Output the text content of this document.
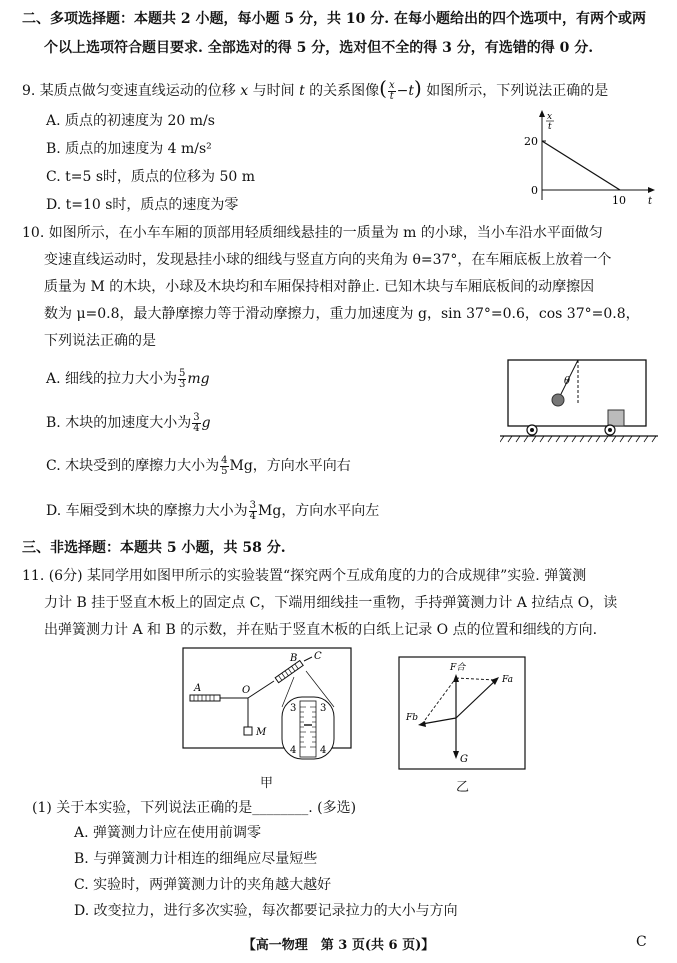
二、多项选择题：本题共 2 小题，每小题 5 分，共 10 分. 在每小题给出的四个选项中，有两个或两
个以上选项符合题目要求. 全部选对的得 5 分，选对但不全的得 3 分，有选错的得 0 分.
9. 某质点做匀变速直线运动的位移 x 与时间 t 的关系图像( $\frac{x}{t} -t$) 如图所示，下列说法正确的是
A. 质点的初速度为 20 m/s
B. 质点的加速度为 4 m/s²
C. t=5 s时，质点的位移为 50 m
D. t=10 s时，质点的速度为零
x
t
20
10
0
t
10. 如图所示，在小车车厢的顶部用轻质细线悬挂的一质量为 m 的小球，当小车沿水平面做匀
变速直线运动时，发现悬挂小球的细线与竖直方向的夹角为 θ=37°，在车厢底板上放着一个
质量为 M 的木块，小球及木块均和车厢保持相对静止. 已知木块与车厢底板间的动摩擦因
数为 μ=0.8，最大静摩擦力等于滑动摩擦力，重力加速度为 g，sin 37°=0.6，cos 37°=0.8，
下列说法正确的是
A. 细线的拉力大小为 $\frac{5}{3}$ mg
B. 木块的加速度大小为 $\frac{3}{4}$ g
C. 木块受到的摩擦力大小为 $\frac{4}{5}$ Mg，方向水平向右
D. 车厢受到木块的摩擦力大小为 $\frac{3}{4}$ Mg，方向水平向左
θ
三、非选择题：本题共 5 小题，共 58 分.
11. (6分) 某同学用如图甲所示的实验装置“探究两个互成角度的力的合成规律”实验. 弹簧测
力计 B 挂于竖直木板上的固定点 C，下端用细线挂一重物，手持弹簧测力计 A 拉结点 O，读
出弹簧测力计 A 和 B 的示数，并在贴于竖直木板的白纸上记录 O 点的位置和细线的方向.
A	O
B C
M
3 3
4 4
甲
F合
Fa
Fb
G
乙
(1) 关于本实验，下列说法正确的是________. (多选)
A. 弹簧测力计应在使用前调零
B. 与弹簧测力计相连的细绳应尽量短些
C. 实验时，两弹簧测力计的夹角越大越好
D. 改变拉力，进行多次实验，每次都要记录拉力的大小与方向
【高一物理　第 3 页(共 6 页)】	C
